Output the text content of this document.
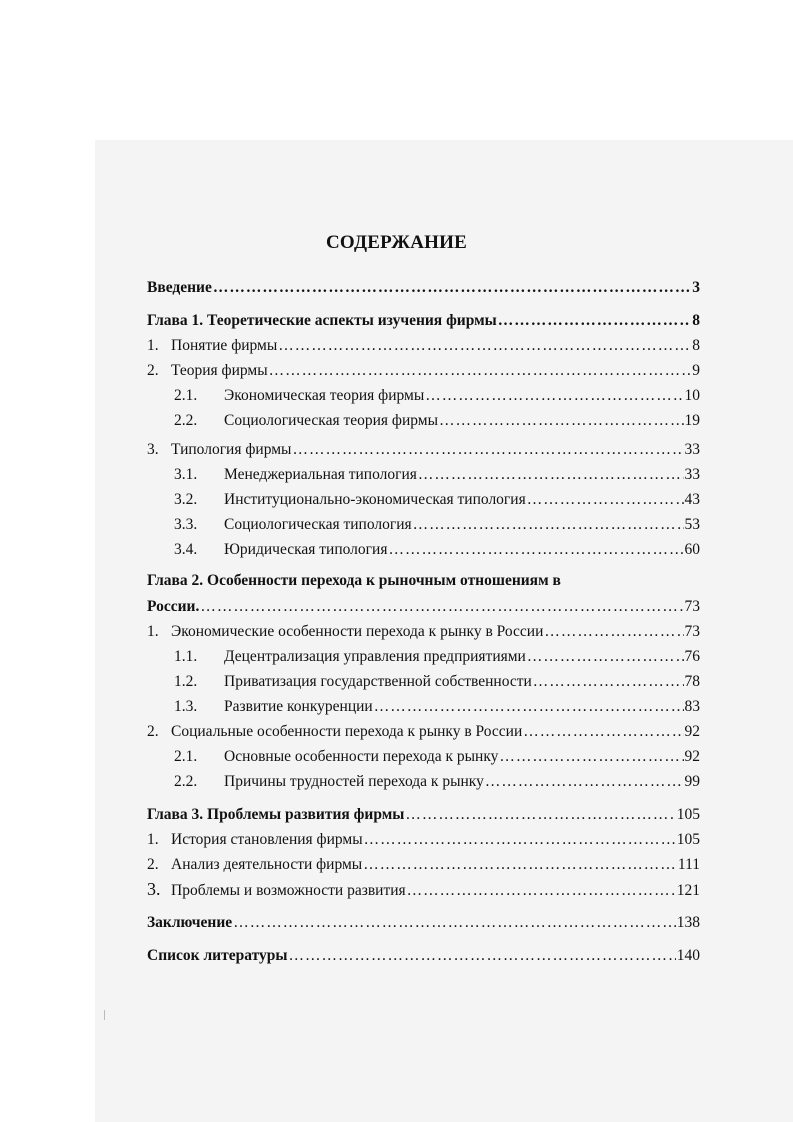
СОДЕРЖАНИЕ
Введение …………………………………………………………………………………………………………………………………………………………………………………………	3
Глава 1. Теоретические аспекты изучения фирмы …………………………………………………………………………………………………………………………………………………………………………………………	8
1. Понятие фирмы …………………………………………………………………………………………………………………………………………………………………………………………	8
2. Теория фирмы …………………………………………………………………………………………………………………………………………………………………………………………	9
2.1.	Экономическая теория фирмы …………………………………………………………………………………………………………………………………………………………………………………………	10
2.2.	Социологическая теория фирмы …………………………………………………………………………………………………………………………………………………………………………………………	19
3. Типология фирмы …………………………………………………………………………………………………………………………………………………………………………………………	33
3.1.	Менеджериальная типология …………………………………………………………………………………………………………………………………………………………………………………………	33
3.2.	Институционально-экономическая типология …………………………………………………………………………………………………………………………………………………………………………………………	43
3.3.	Социологическая типология …………………………………………………………………………………………………………………………………………………………………………………………	53
3.4.	Юридическая типология …………………………………………………………………………………………………………………………………………………………………………………………	60
Глава 2. Особенности перехода к рыночным отношениям в
России. …………………………………………………………………………………………………………………………………………………………………………………………	73
1. Экономические особенности перехода к рынку в России …………………………………………………………………………………………………………………………………………………………………………………………	73
1.1.	Децентрализация управления предприятиями …………………………………………………………………………………………………………………………………………………………………………………………	76
1.2.	Приватизация государственной собственности …………………………………………………………………………………………………………………………………………………………………………………………	78
1.3.	Развитие конкуренции …………………………………………………………………………………………………………………………………………………………………………………………	83
2. Социальные особенности перехода к рынку в России …………………………………………………………………………………………………………………………………………………………………………………………	92
2.1.	Основные особенности перехода к рынку …………………………………………………………………………………………………………………………………………………………………………………………	92
2.2.	Причины трудностей перехода к рынку …………………………………………………………………………………………………………………………………………………………………………………………	99
Глава 3. Проблемы развития фирмы …………………………………………………………………………………………………………………………………………………………………………………………	105
1. История становления фирмы …………………………………………………………………………………………………………………………………………………………………………………………	105
2. Анализ деятельности фирмы …………………………………………………………………………………………………………………………………………………………………………………………	111
3. Проблемы и возможности развития …………………………………………………………………………………………………………………………………………………………………………………………	121
Заключение …………………………………………………………………………………………………………………………………………………………………………………………	138
Список литературы …………………………………………………………………………………………………………………………………………………………………………………………	140
